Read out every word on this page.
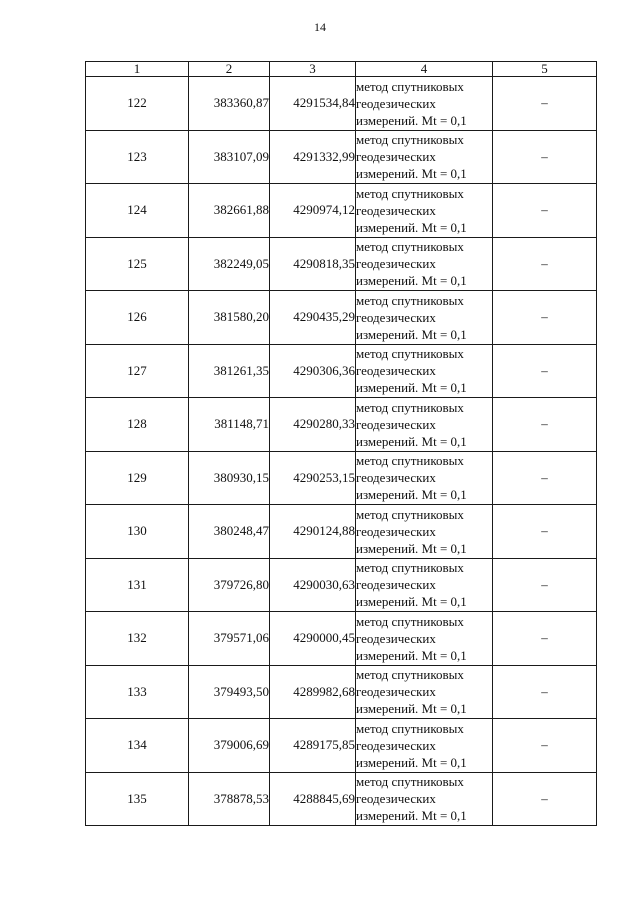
14
1	2	3	4	5
122	383360,87	4291534,84	метод спутниковых
геодезических
измерений. Mt = 0,1	–
123	383107,09	4291332,99	метод спутниковых
геодезических
измерений. Mt = 0,1	–
124	382661,88	4290974,12	метод спутниковых
геодезических
измерений. Mt = 0,1	–
125	382249,05	4290818,35	метод спутниковых
геодезических
измерений. Mt = 0,1	–
126	381580,20	4290435,29	метод спутниковых
геодезических
измерений. Mt = 0,1	–
127	381261,35	4290306,36	метод спутниковых
геодезических
измерений. Mt = 0,1	–
128	381148,71	4290280,33	метод спутниковых
геодезических
измерений. Mt = 0,1	–
129	380930,15	4290253,15	метод спутниковых
геодезических
измерений. Mt = 0,1	–
130	380248,47	4290124,88	метод спутниковых
геодезических
измерений. Mt = 0,1	–
131	379726,80	4290030,63	метод спутниковых
геодезических
измерений. Mt = 0,1	–
132	379571,06	4290000,45	метод спутниковых
геодезических
измерений. Mt = 0,1	–
133	379493,50	4289982,68	метод спутниковых
геодезических
измерений. Mt = 0,1	–
134	379006,69	4289175,85	метод спутниковых
геодезических
измерений. Mt = 0,1	–
135	378878,53	4288845,69	метод спутниковых
геодезических
измерений. Mt = 0,1	–
